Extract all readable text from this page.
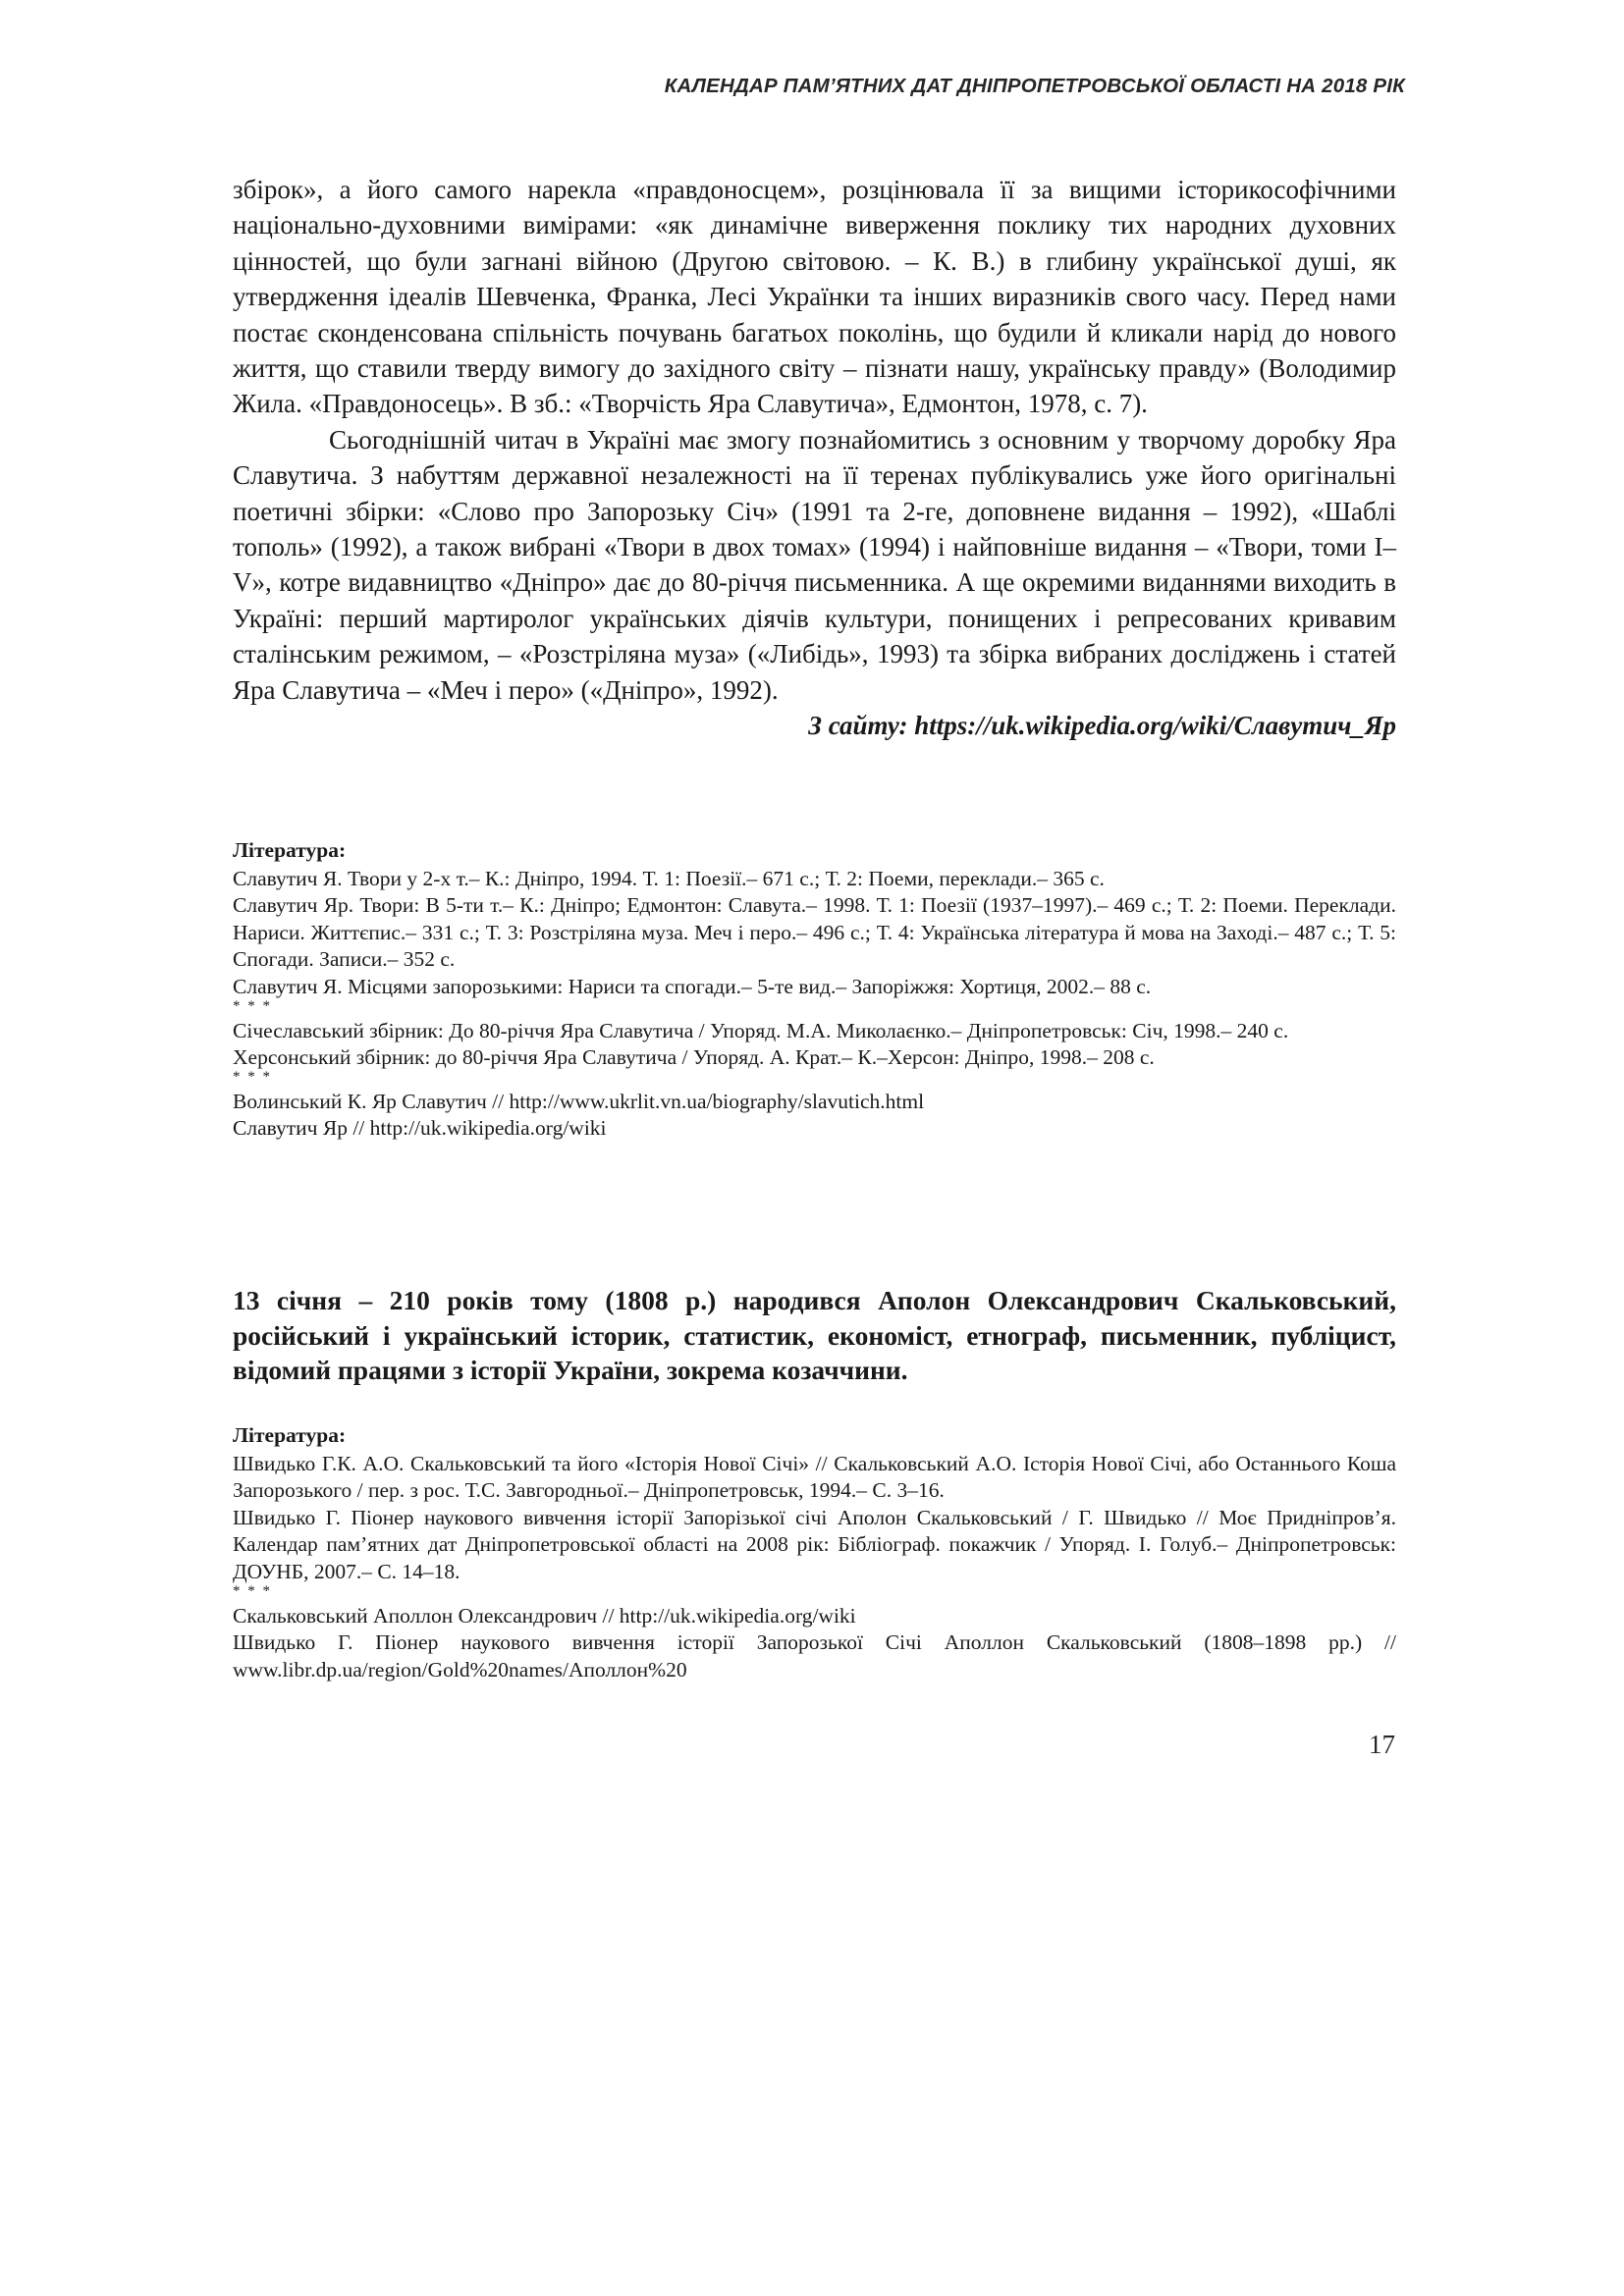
КАЛЕНДАР ПАМ’ЯТНИХ ДАТ ДНІПРОПЕТРОВСЬКОЇ ОБЛАСТІ НА 2018 РІК

збірок», а його самого нарекла «правдоносцем», розцінювала її за вищими історикософічними національно-духовними вимірами: «як динамічне виверження поклику тих народних духовних цінностей, що були загнані війною (Другою світовою. – К. В.) в глибину української душі, як утвердження ідеалів Шевченка, Франка, Лесі Українки та інших виразників свого часу. Перед нами постає сконденсована спільність почувань багатьох поколінь, що будили й кликали нарід до нового життя, що ставили тверду вимогу до західного світу – пізнати нашу, українську правду» (Володимир Жила. «Правдоносець». В зб.: «Творчість Яра Славутича», Едмонтон, 1978, с. 7).

Сьогоднішній читач в Україні має змогу познайомитись з основним у творчому доробку Яра Славутича. З набуттям державної незалежності на її теренах публікувались уже його оригінальні поетичні збірки: «Слово про Запорозьку Січ» (1991 та 2-ге, доповнене видання – 1992), «Шаблі тополь» (1992), а також вибрані «Твори в двох томах» (1994) і найповніше видання – «Твори, томи I–V», котре видавництво «Дніпро» дає до 80-річчя письменника. А ще окремими виданнями виходить в Україні: перший мартиролог українських діячів культури, понищених і репресованих кривавим сталінським режимом, – «Розстріляна муза» («Либідь», 1993) та збірка вибраних досліджень і статей Яра Славутича – «Меч і перо» («Дніпро», 1992).

З сайту: https://uk.wikipedia.org/wiki/Славутич_Яр

Література:
Славутич Я. Твори у 2-х т.– К.: Дніпро, 1994. Т. 1: Поезії.– 671 с.; Т. 2: Поеми, переклади.– 365 с.
Славутич Яр. Твори: В 5-ти т.– К.: Дніпро; Едмонтон: Славута.– 1998. Т. 1: Поезії (1937–1997).– 469 с.; Т. 2: Поеми. Переклади. Нариси. Життєпис.– 331 с.; Т. 3: Розстріляна муза. Меч і перо.– 496 с.; Т. 4: Українська література й мова на Заході.– 487 с.; Т. 5: Спогади. Записи.– 352 с.
Славутич Я. Місцями запорозькими: Нариси та спогади.– 5-те вид.– Запоріжжя: Хортиця, 2002.– 88 с.
* * *
Січеславський збірник: До 80-річчя Яра Славутича / Упоряд. М.А. Миколаєнко.– Дніпропетровськ: Січ, 1998.– 240 с.
Херсонський збірник: до 80-річчя Яра Славутича / Упоряд. А. Крат.– К.–Херсон: Дніпро, 1998.– 208 с.
* * *
Волинський К. Яр Славутич // http://www.ukrlit.vn.ua/biography/slavutich.html
Славутич Яр // http://uk.wikipedia.org/wiki

13 січня – 210 років тому (1808 р.) народився Аполон Олександрович Скальковський, російський і український історик, статистик, економіст, етнограф, письменник, публіцист, відомий працями з історії України, зокрема козаччини.

Література:
Швидько Г.К. А.О. Скальковський та його «Історія Нової Січі» // Скальковський А.О. Історія Нової Січі, або Останнього Коша Запорозького / пер. з рос. Т.С. Завгородньої.– Дніпропетровськ, 1994.– С. 3–16.
Швидько Г. Піонер наукового вивчення історії Запорізької січі Аполон Скальковський / Г. Швидько // Моє Придніпров’я. Календар пам’ятних дат Дніпропетровської області на 2008 рік: Бібліограф. покажчик / Упоряд. І. Голуб.– Дніпропетровськ: ДОУНБ, 2007.– С. 14–18.
* * *
Скальковський Аполлон Олександрович // http://uk.wikipedia.org/wiki
Швидько Г. Піонер наукового вивчення історії Запорозької Січі Аполлон Скальковський (1808–1898 рр.) // www.libr.dp.ua/region/Gold%20names/Аполлон%20
17
